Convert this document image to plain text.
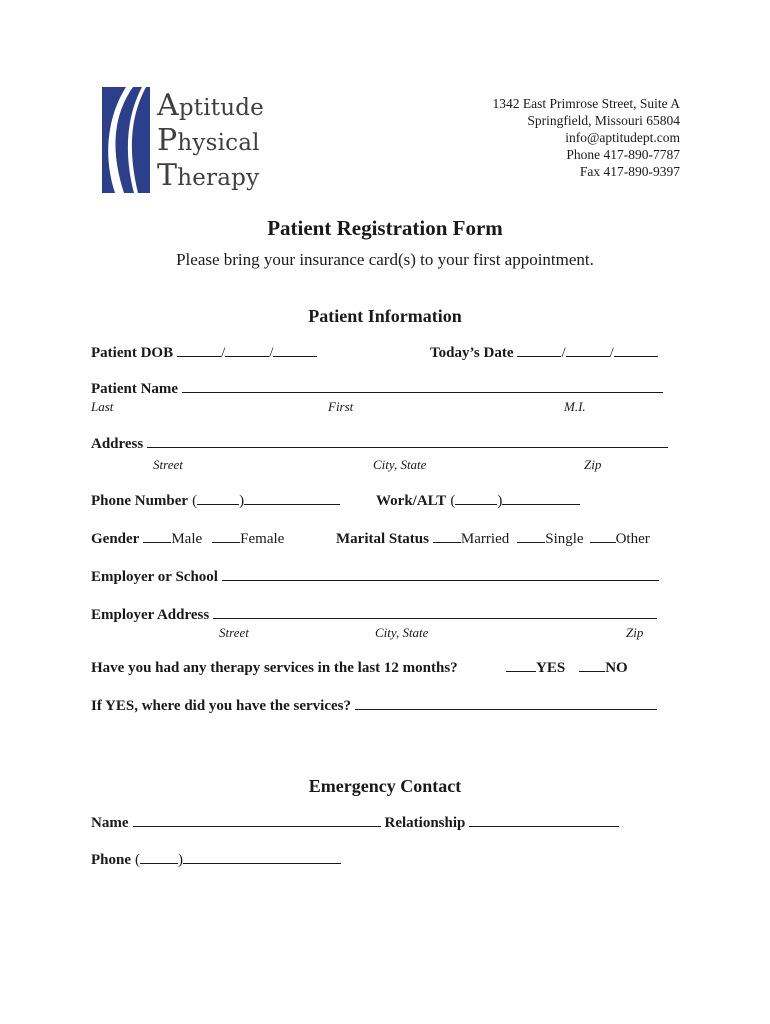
Aptitude
Physical
Therapy
1342 East Primrose Street, Suite A
Springfield, Missouri 65804
info@aptitudept.com
Phone 417-890-7787
Fax 417-890-9397
Patient Registration Form
Please bring your insurance card(s) to your first appointment.
Patient Information
Patient DOB	/	/	Today’s Date	/	/
Patient Name
Last	First	M.I.
Address
Street	City, State	Zip
Phone Number (	)	Work/ALT (	)
Gender Male	Female	Marital Status Married Single Other
Employer or School
Employer Address
Street	City, State	Zip
Have you had any therapy services in the last 12 months?	YES	NO
If YES, where did you have the services?
Emergency Contact
Name	Relationship
Phone (	)
